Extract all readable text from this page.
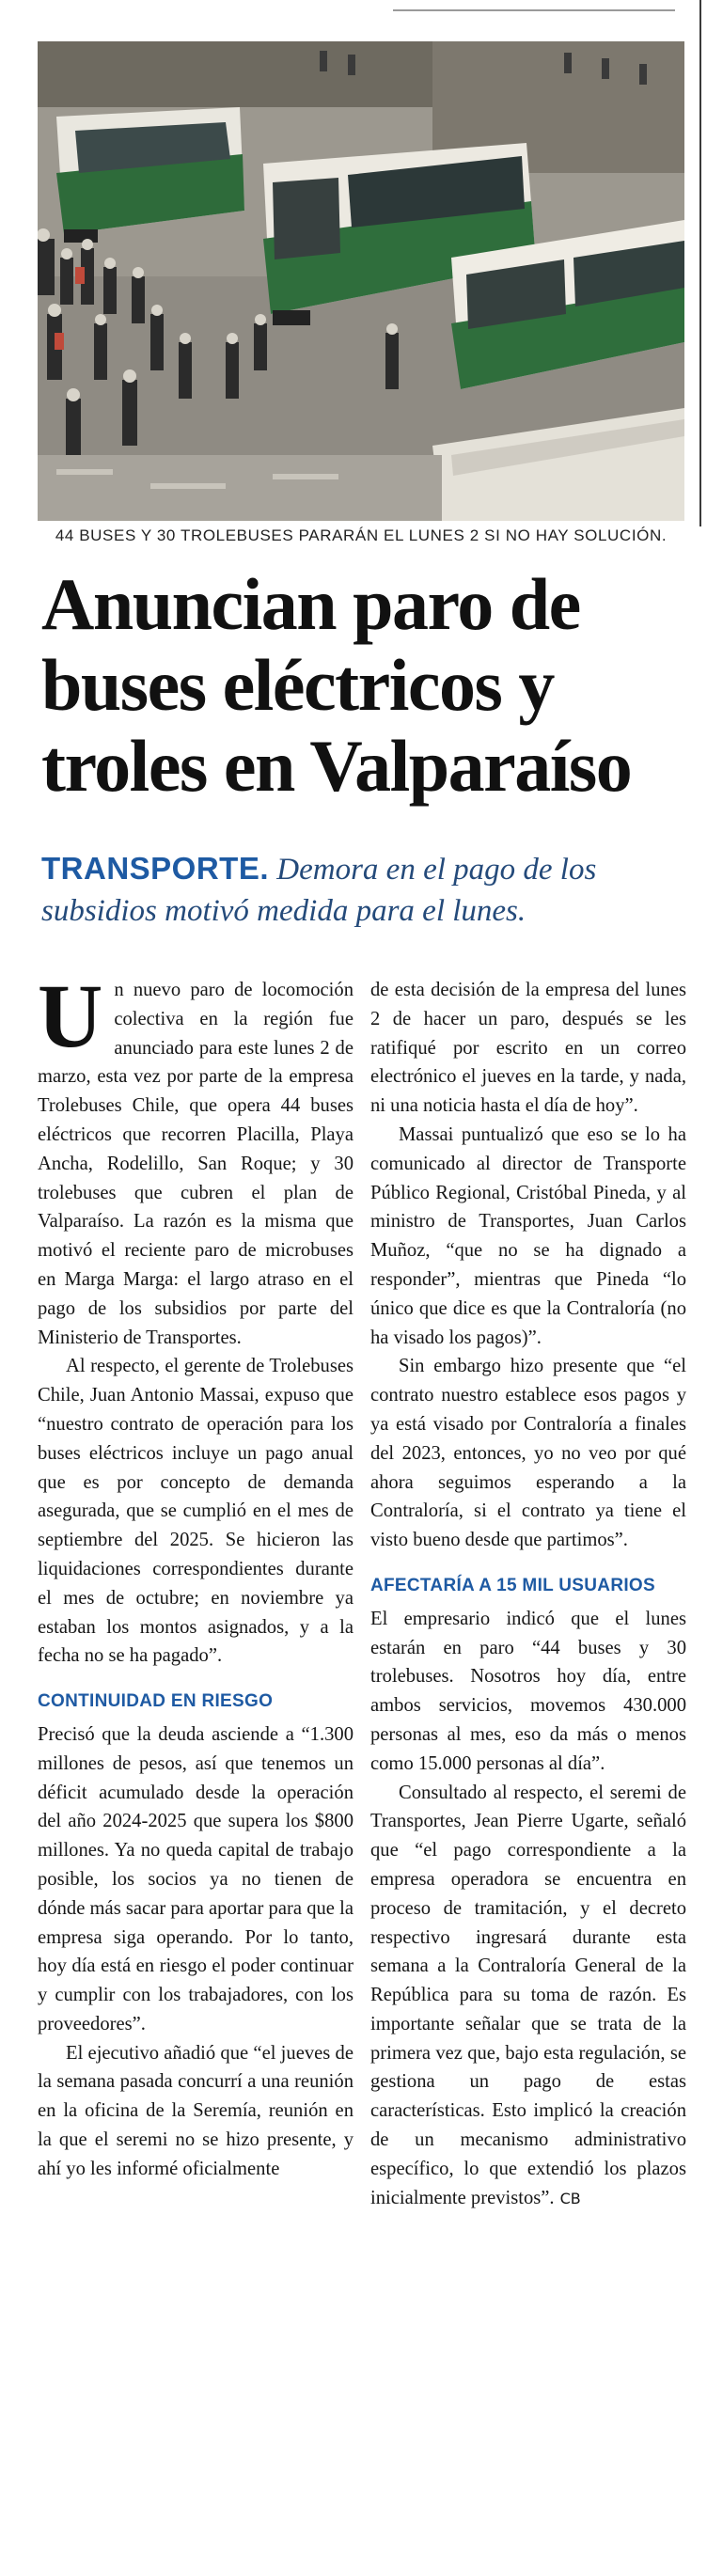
44 BUSES Y 30 TROLEBUSES PARARÁN EL LUNES 2 SI NO HAY SOLUCIÓN.
Anuncian paro de buses eléctricos y troles en Valparaíso
TRANSPORTE. Demora en el pago de los subsidios motivó medida para el lunes.

Un nuevo paro de locomoción colectiva en la región fue anunciado para este lunes 2 de marzo, esta vez por parte de la empresa Trolebuses Chile, que opera 44 buses eléctricos que recorren Placilla, Playa Ancha, Rodelillo, San Roque; y 30 trolebuses que cubren el plan de Valparaíso. La razón es la misma que motivó el reciente paro de microbuses en Marga Marga: el largo atraso en el pago de los subsidios por parte del Ministerio de Transportes.

Al respecto, el gerente de Trolebuses Chile, Juan Antonio Massai, expuso que “nuestro contrato de operación para los buses eléctricos incluye un pago anual que es por concepto de demanda asegurada, que se cumplió en el mes de septiembre del 2025. Se hicieron las liquidaciones correspondientes durante el mes de octubre; en noviembre ya estaban los montos asignados, y a la fecha no se ha pagado”.

CONTINUIDAD EN RIESGO

Precisó que la deuda asciende a “1.300 millones de pesos, así que tenemos un déficit acumulado desde la operación del año 2024-2025 que supera los $800 millones. Ya no queda capital de trabajo posible, los socios ya no tienen de dónde más sacar para aportar para que la empresa siga operando. Por lo tanto, hoy día está en riesgo el poder continuar y cumplir con los trabajadores, con los proveedores”.

El ejecutivo añadió que “el jueves de la semana pasada concurrí a una reunión en la oficina de la Seremía, reunión en la que el seremi no se hizo presente, y ahí yo les informé oficialmente

de esta decisión de la empresa del lunes 2 de hacer un paro, después se les ratifiqué por escrito en un correo electrónico el jueves en la tarde, y nada, ni una noticia hasta el día de hoy”.

Massai puntualizó que eso se lo ha comunicado al director de Transporte Público Regional, Cristóbal Pineda, y al ministro de Transportes, Juan Carlos Muñoz, “que no se ha dignado a responder”, mientras que Pineda “lo único que dice es que la Contraloría (no ha visado los pagos)”.

Sin embargo hizo presente que “el contrato nuestro establece esos pagos y ya está visado por Contraloría a finales del 2023, entonces, yo no veo por qué ahora seguimos esperando a la Contraloría, si el contrato ya tiene el visto bueno desde que partimos”.

AFECTARÍA A 15 MIL USUARIOS

El empresario indicó que el lunes estarán en paro “44 buses y 30 trolebuses. Nosotros hoy día, entre ambos servicios, movemos 430.000 personas al mes, eso da más o menos como 15.000 personas al día”.

Consultado al respecto, el seremi de Transportes, Jean Pierre Ugarte, señaló que “el pago correspondiente a la empresa operadora se encuentra en proceso de tramitación, y el decreto respectivo ingresará durante esta semana a la Contraloría General de la República para su toma de razón. Es importante señalar que se trata de la primera vez que, bajo esta regulación, se gestiona un pago de estas características. Esto implicó la creación de un mecanismo administrativo específico, lo que extendió los plazos inicialmente previstos”. CB
